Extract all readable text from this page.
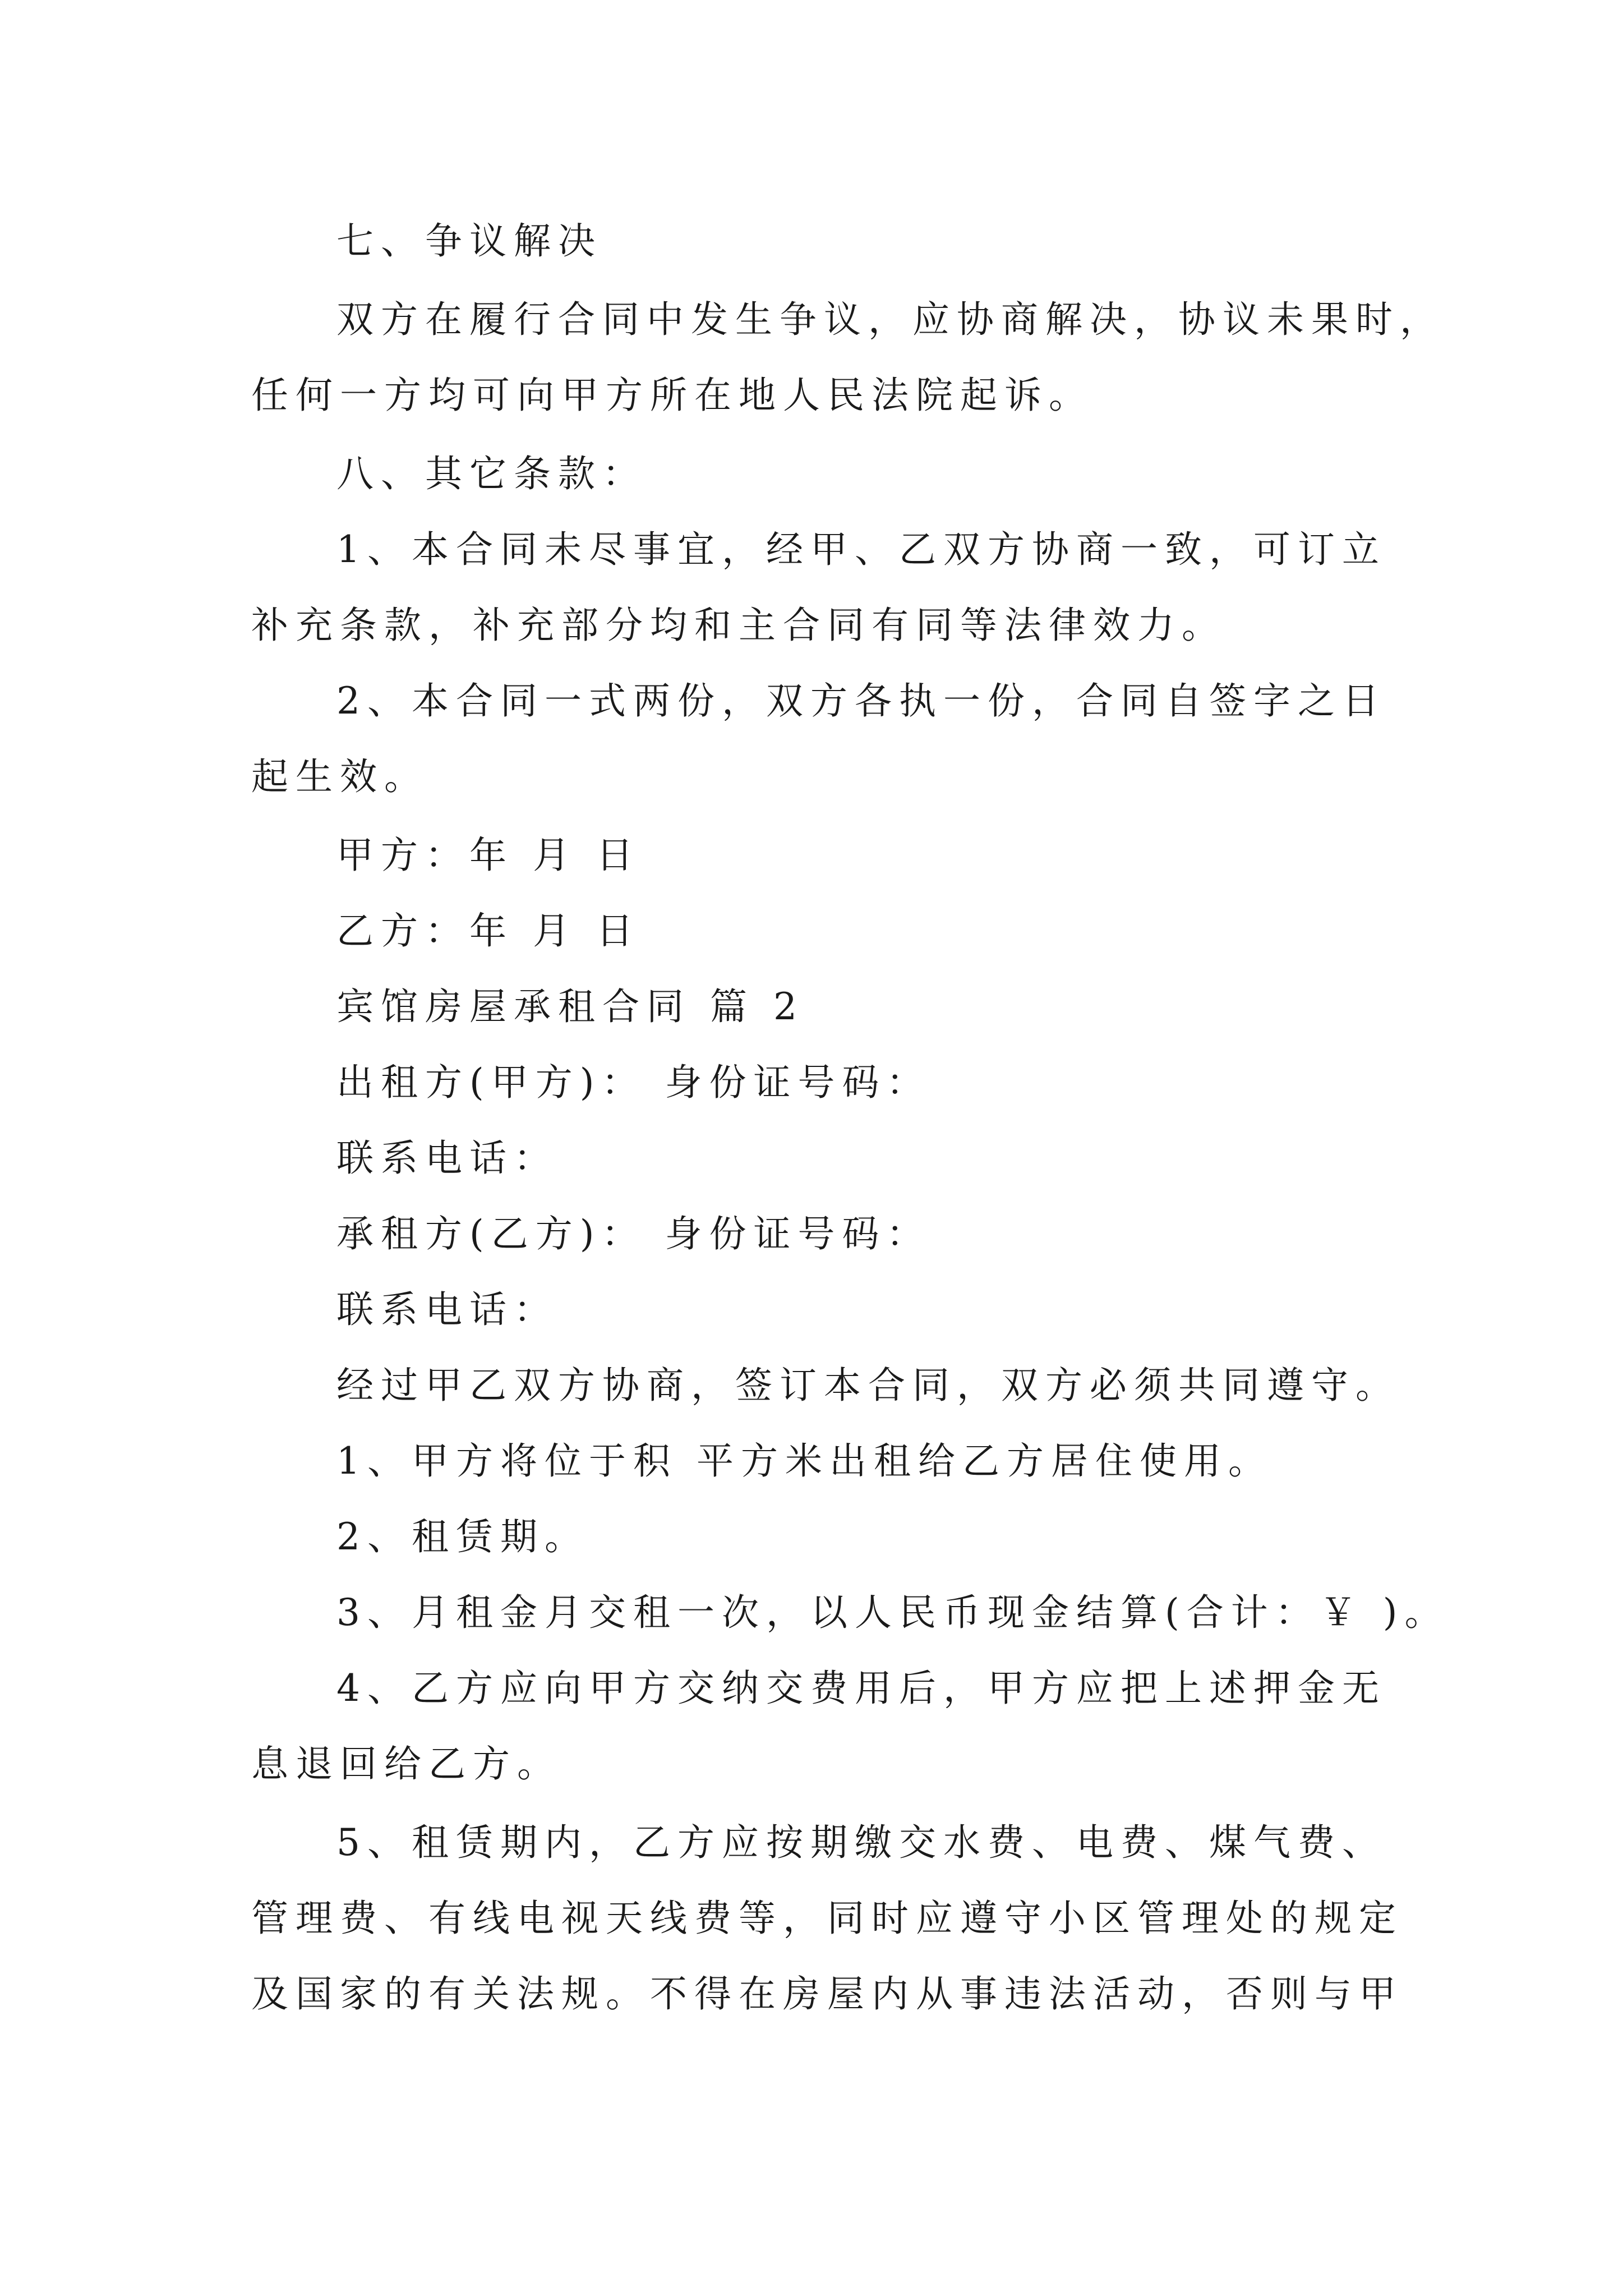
七、争议解决
双方在履行合同中发生争议，应协商解决，协议未果时，
任何一方均可向甲方所在地人民法院起诉。
八、其它条款：
1、本合同未尽事宜，经甲、乙双方协商一致，可订立
补充条款，补充部分均和主合同有同等法律效力。
2、本合同一式两份，双方各执一份，合同自签字之日
起生效。
甲方：年 月 日
乙方：年 月 日
宾馆房屋承租合同 篇 2
出租方(甲方)： 身份证号码：
联系电话：
承租方(乙方)： 身份证号码：
联系电话：
经过甲乙双方协商，签订本合同，双方必须共同遵守。
1、甲方将位于积 平方米出租给乙方居住使用。
2、租赁期。
3、月租金月交租一次，以人民币现金结算(合计：￥ )。
4、乙方应向甲方交纳交费用后，甲方应把上述押金无
息退回给乙方。
5、租赁期内，乙方应按期缴交水费、电费、煤气费、
管理费、有线电视天线费等，同时应遵守小区管理处的规定
及国家的有关法规。不得在房屋内从事违法活动，否则与甲
